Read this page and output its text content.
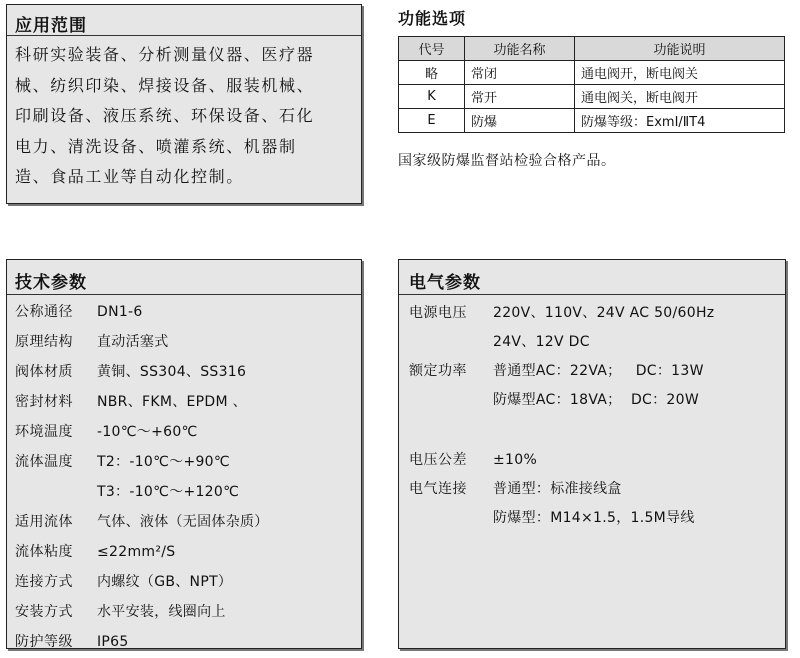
应用范围
科研实验装备、分析测量仪器、医疗器
械、纺织印染、焊接设备、服装机械、
印刷设备、液压系统、环保设备、石化
电力、清洗设备、喷灌系统、机器制
造、食品工业等自动化控制。
功能选项
代号	功能名称	功能说明
略	常闭	通电阀开，断电阀关
K	常开	通电阀关，断电阀开
E	防爆	防爆等级：ExmⅠ/ⅡT4
国家级防爆监督站检验合格产品。
技术参数
公称通径	DN1-6
原理结构	直动活塞式
阀体材质	黄铜、SS304、SS316
密封材料	NBR、FKM、EPDM 、
环境温度	-10℃～+60℃
流体温度	T2：-10℃～+90℃
T3：-10℃～+120℃
适用流体	气体、液体（无固体杂质）
流体粘度	≤22mm²/S
连接方式	内螺纹（GB、NPT）
安装方式	水平安装，线圈向上
防护等级	IP65
电气参数
电源电压	220V、110V、24V AC 50/60Hz
24V、12V DC
额定功率	普通型AC：22VA；   DC：13W
防爆型AC：18VA；  DC：20W
电压公差	±10%
电气连接	普通型：标准接线盒
防爆型：M14×1.5，1.5M导线
